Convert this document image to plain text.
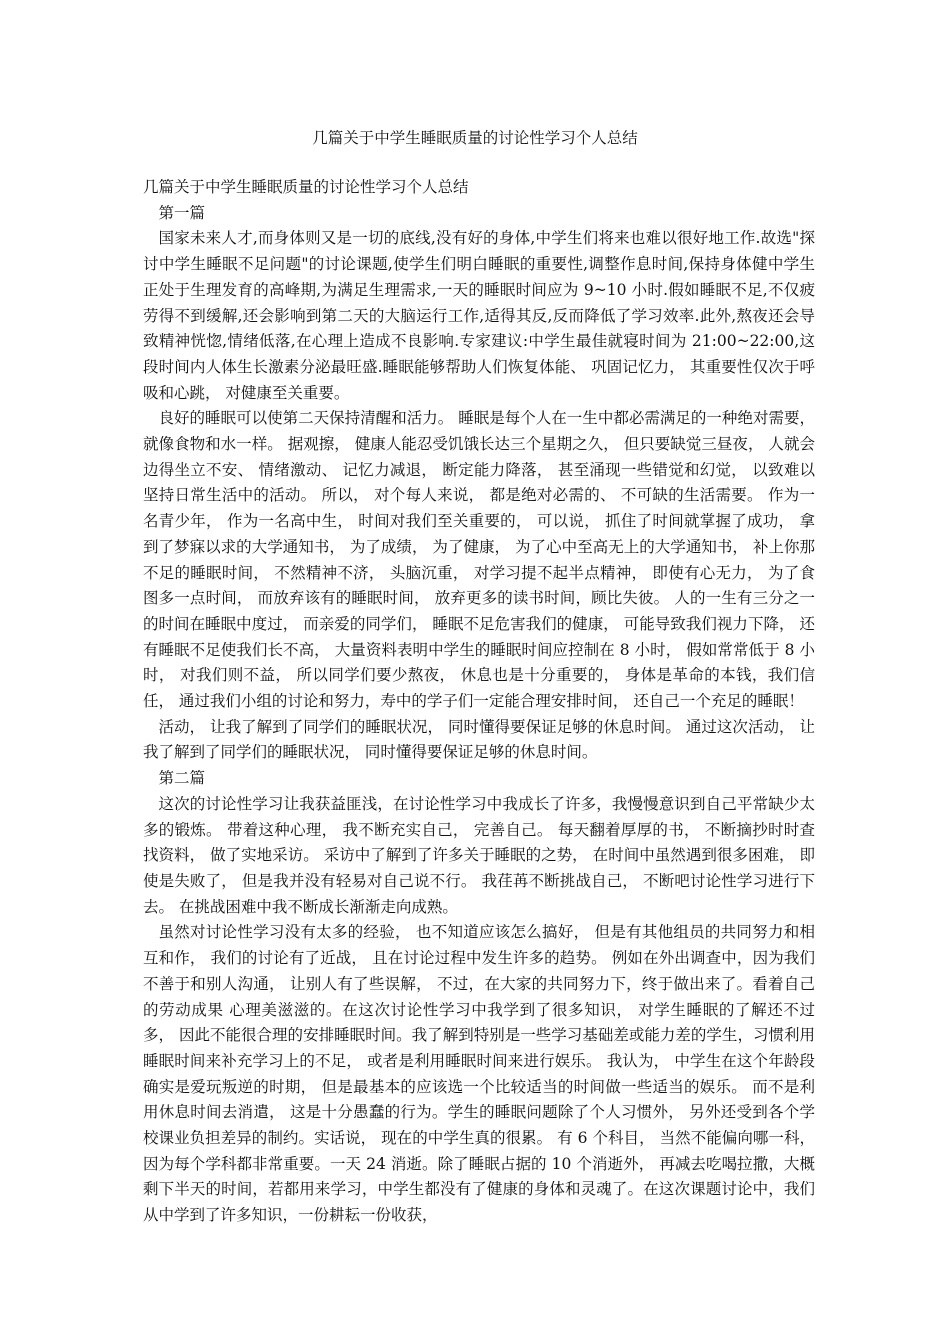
几篇关于中学生睡眠质量的讨论性学习个人总结

几篇关于中学生睡眠质量的讨论性学习个人总结

第一篇

国家未来人才,而身体则又是一切的底线,没有好的身体,中学生们将来也难以很好地工作.故选"探讨中学生睡眠不足问题"的讨论课题,使学生们明白睡眠的重要性,调整作息时间,保持身体健中学生正处于生理发育的高峰期,为满足生理需求,一天的睡眠时间应为 9~10 小时.假如睡眠不足,不仅疲劳得不到缓解,还会影响到第二天的大脑运行工作,适得其反,反而降低了学习效率.此外,熬夜还会导致精神恍惚,情绪低落,在心理上造成不良影响.专家建议:中学生最佳就寝时间为 21:00~22:00,这段时间内人体生长激素分泌最旺盛.睡眠能够帮助人们恢复体能、 巩固记忆力， 其重要性仅次于呼吸和心跳， 对健康至关重要。

良好的睡眠可以使第二天保持清醒和活力。 睡眠是每个人在一生中都必需满足的一种绝对需要， 就像食物和水一样。 据观擦， 健康人能忍受饥饿长达三个星期之久， 但只要缺觉三昼夜， 人就会边得坐立不安、 情绪激动、 记忆力减退， 断定能力降落， 甚至涌现一些错觉和幻觉， 以致难以坚持日常生活中的活动。 所以， 对个每人来说， 都是绝对必需的、 不可缺的生活需要。 作为一名青少年， 作为一名高中生， 时间对我们至关重要的， 可以说， 抓住了时间就掌握了成功， 拿到了梦寐以求的大学通知书， 为了成绩， 为了健康， 为了心中至高无上的大学通知书， 补上你那不足的睡眠时间， 不然精神不济， 头脑沉重， 对学习提不起半点精神， 即使有心无力， 为了食图多一点时间， 而放弃该有的睡眠时间， 放弃更多的读书时间，顾比失彼。 人的一生有三分之一的时间在睡眠中度过， 而亲爱的同学们， 睡眠不足危害我们的健康， 可能导致我们视力下降， 还有睡眠不足使我们长不高， 大量资料表明中学生的睡眠时间应控制在 8 小时， 假如常常低于 8 小时， 对我们则不益， 所以同学们要少熬夜， 休息也是十分重要的， 身体是革命的本钱，我们信任， 通过我们小组的讨论和努力，寿中的学子们一定能合理安排时间， 还自己一个充足的睡眠！

活动， 让我了解到了同学们的睡眠状况， 同时懂得要保证足够的休息时间。 通过这次活动， 让我了解到了同学们的睡眠状况， 同时懂得要保证足够的休息时间。

第二篇

这次的讨论性学习让我获益匪浅，在讨论性学习中我成长了许多，我慢慢意识到自己平常缺少太多的锻炼。 带着这种心理， 我不断充实自己， 完善自己。 每天翻着厚厚的书， 不断摘抄时时查找资料， 做了实地采访。 采访中了解到了许多关于睡眠的之势， 在时间中虽然遇到很多困难， 即使是失败了， 但是我并没有轻易对自己说不行。 我荏苒不断挑战自己， 不断吧讨论性学习进行下去。 在挑战困难中我不断成长渐渐走向成熟。

虽然对讨论性学习没有太多的经验， 也不知道应该怎么搞好， 但是有其他组员的共同努力和相互和作， 我们的讨论有了近战， 且在讨论过程中发生许多的趋势。 例如在外出调查中，因为我们不善于和别人沟通， 让别人有了些误解， 不过，在大家的共同努力下，终于做出来了。看着自己的劳动成果 心理美滋滋的。在这次讨论性学习中我学到了很多知识， 对学生睡眠的了解还不过多， 因此不能很合理的安排睡眠时间。我了解到特别是一些学习基础差或能力差的学生，习惯利用睡眠时间来补充学习上的不足， 或者是利用睡眠时间来进行娱乐。 我认为， 中学生在这个年龄段确实是爱玩叛逆的时期， 但是最基本的应该选一个比较适当的时间做一些适当的娱乐。 而不是利用休息时间去消遣， 这是十分愚蠢的行为。学生的睡眠问题除了个人习惯外， 另外还受到各个学校课业负担差异的制约。实话说， 现在的中学生真的很累。 有 6 个科目， 当然不能偏向哪一科， 因为每个学科都非常重要。一天 24 消逝。除了睡眠占据的 10 个消逝外， 再减去吃喝拉撒，大概剩下半天的时间，若都用来学习，中学生都没有了健康的身体和灵魂了。在这次课题讨论中，我们从中学到了许多知识，一份耕耘一份收获，
